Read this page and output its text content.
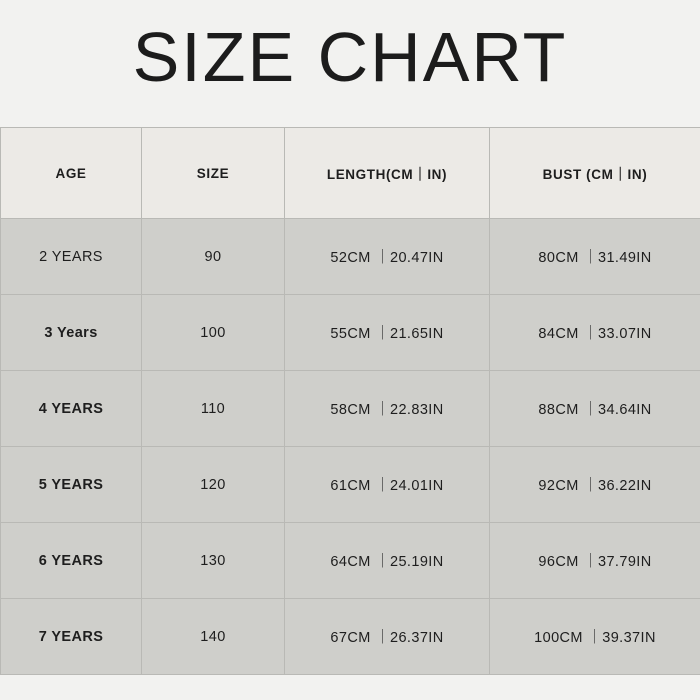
SIZE CHART
AGE	SIZE	LENGTH(CM｜IN)	BUST (CM｜IN)
2 YEARS	90	52CM ｜20.47IN	80CM ｜31.49IN
3 Years	100	55CM ｜21.65IN	84CM ｜33.07IN
4 YEARS	110	58CM ｜22.83IN	88CM ｜34.64IN
5 YEARS	120	61CM ｜24.01IN	92CM ｜36.22IN
6 YEARS	130	64CM ｜25.19IN	96CM ｜37.79IN
7 YEARS	140	67CM ｜26.37IN	100CM ｜39.37IN
